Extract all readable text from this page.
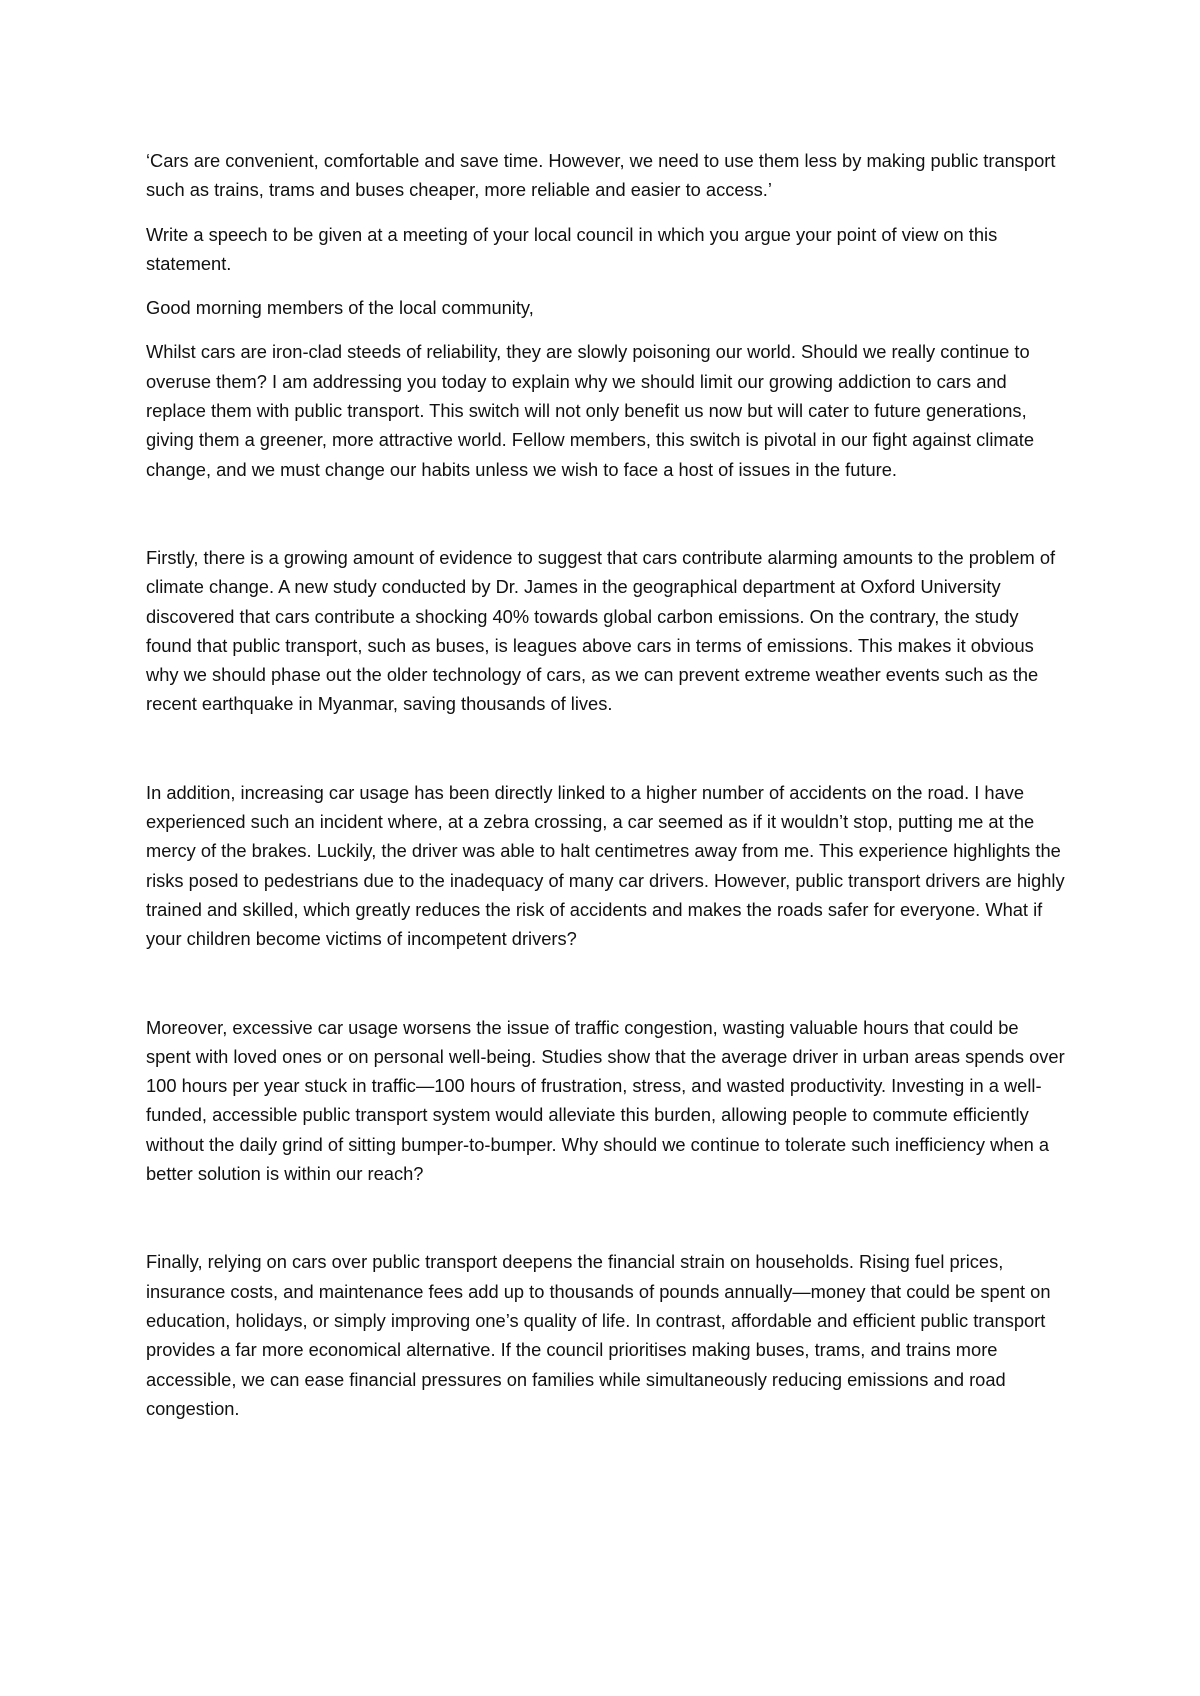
‘Cars are convenient, comfortable and save time. However, we need to use them less by making public transport such as trains, trams and buses cheaper, more reliable and easier to access.’

Write a speech to be given at a meeting of your local council in which you argue your point of view on this statement.

Good morning members of the local community,

Whilst cars are iron-clad steeds of reliability, they are slowly poisoning our world. Should we really continue to overuse them? I am addressing you today to explain why we should limit our growing addiction to cars and replace them with public transport. This switch will not only benefit us now but will cater to future generations, giving them a greener, more attractive world. Fellow members, this switch is pivotal in our fight against climate change, and we must change our habits unless we wish to face a host of issues in the future.

Firstly, there is a growing amount of evidence to suggest that cars contribute alarming amounts to the problem of climate change. A new study conducted by Dr. James in the geographical department at Oxford University discovered that cars contribute a shocking 40% towards global carbon emissions. On the contrary, the study found that public transport, such as buses, is leagues above cars in terms of emissions. This makes it obvious why we should phase out the older technology of cars, as we can prevent extreme weather events such as the recent earthquake in Myanmar, saving thousands of lives.

In addition, increasing car usage has been directly linked to a higher number of accidents on the road. I have experienced such an incident where, at a zebra crossing, a car seemed as if it wouldn’t stop, putting me at the mercy of the brakes. Luckily, the driver was able to halt centimetres away from me. This experience highlights the risks posed to pedestrians due to the inadequacy of many car drivers. However, public transport drivers are highly trained and skilled, which greatly reduces the risk of accidents and makes the roads safer for everyone. What if your children become victims of incompetent drivers?

Moreover, excessive car usage worsens the issue of traffic congestion, wasting valuable hours that could be spent with loved ones or on personal well-being. Studies show that the average driver in urban areas spends over 100 hours per year stuck in traffic—100 hours of frustration, stress, and wasted productivity. Investing in a well-funded, accessible public transport system would alleviate this burden, allowing people to commute efficiently without the daily grind of sitting bumper-to-bumper. Why should we continue to tolerate such inefficiency when a better solution is within our reach?

Finally, relying on cars over public transport deepens the financial strain on households. Rising fuel prices, insurance costs, and maintenance fees add up to thousands of pounds annually—money that could be spent on education, holidays, or simply improving one’s quality of life. In contrast, affordable and efficient public transport provides a far more economical alternative. If the council prioritises making buses, trams, and trains more accessible, we can ease financial pressures on families while simultaneously reducing emissions and road congestion.
